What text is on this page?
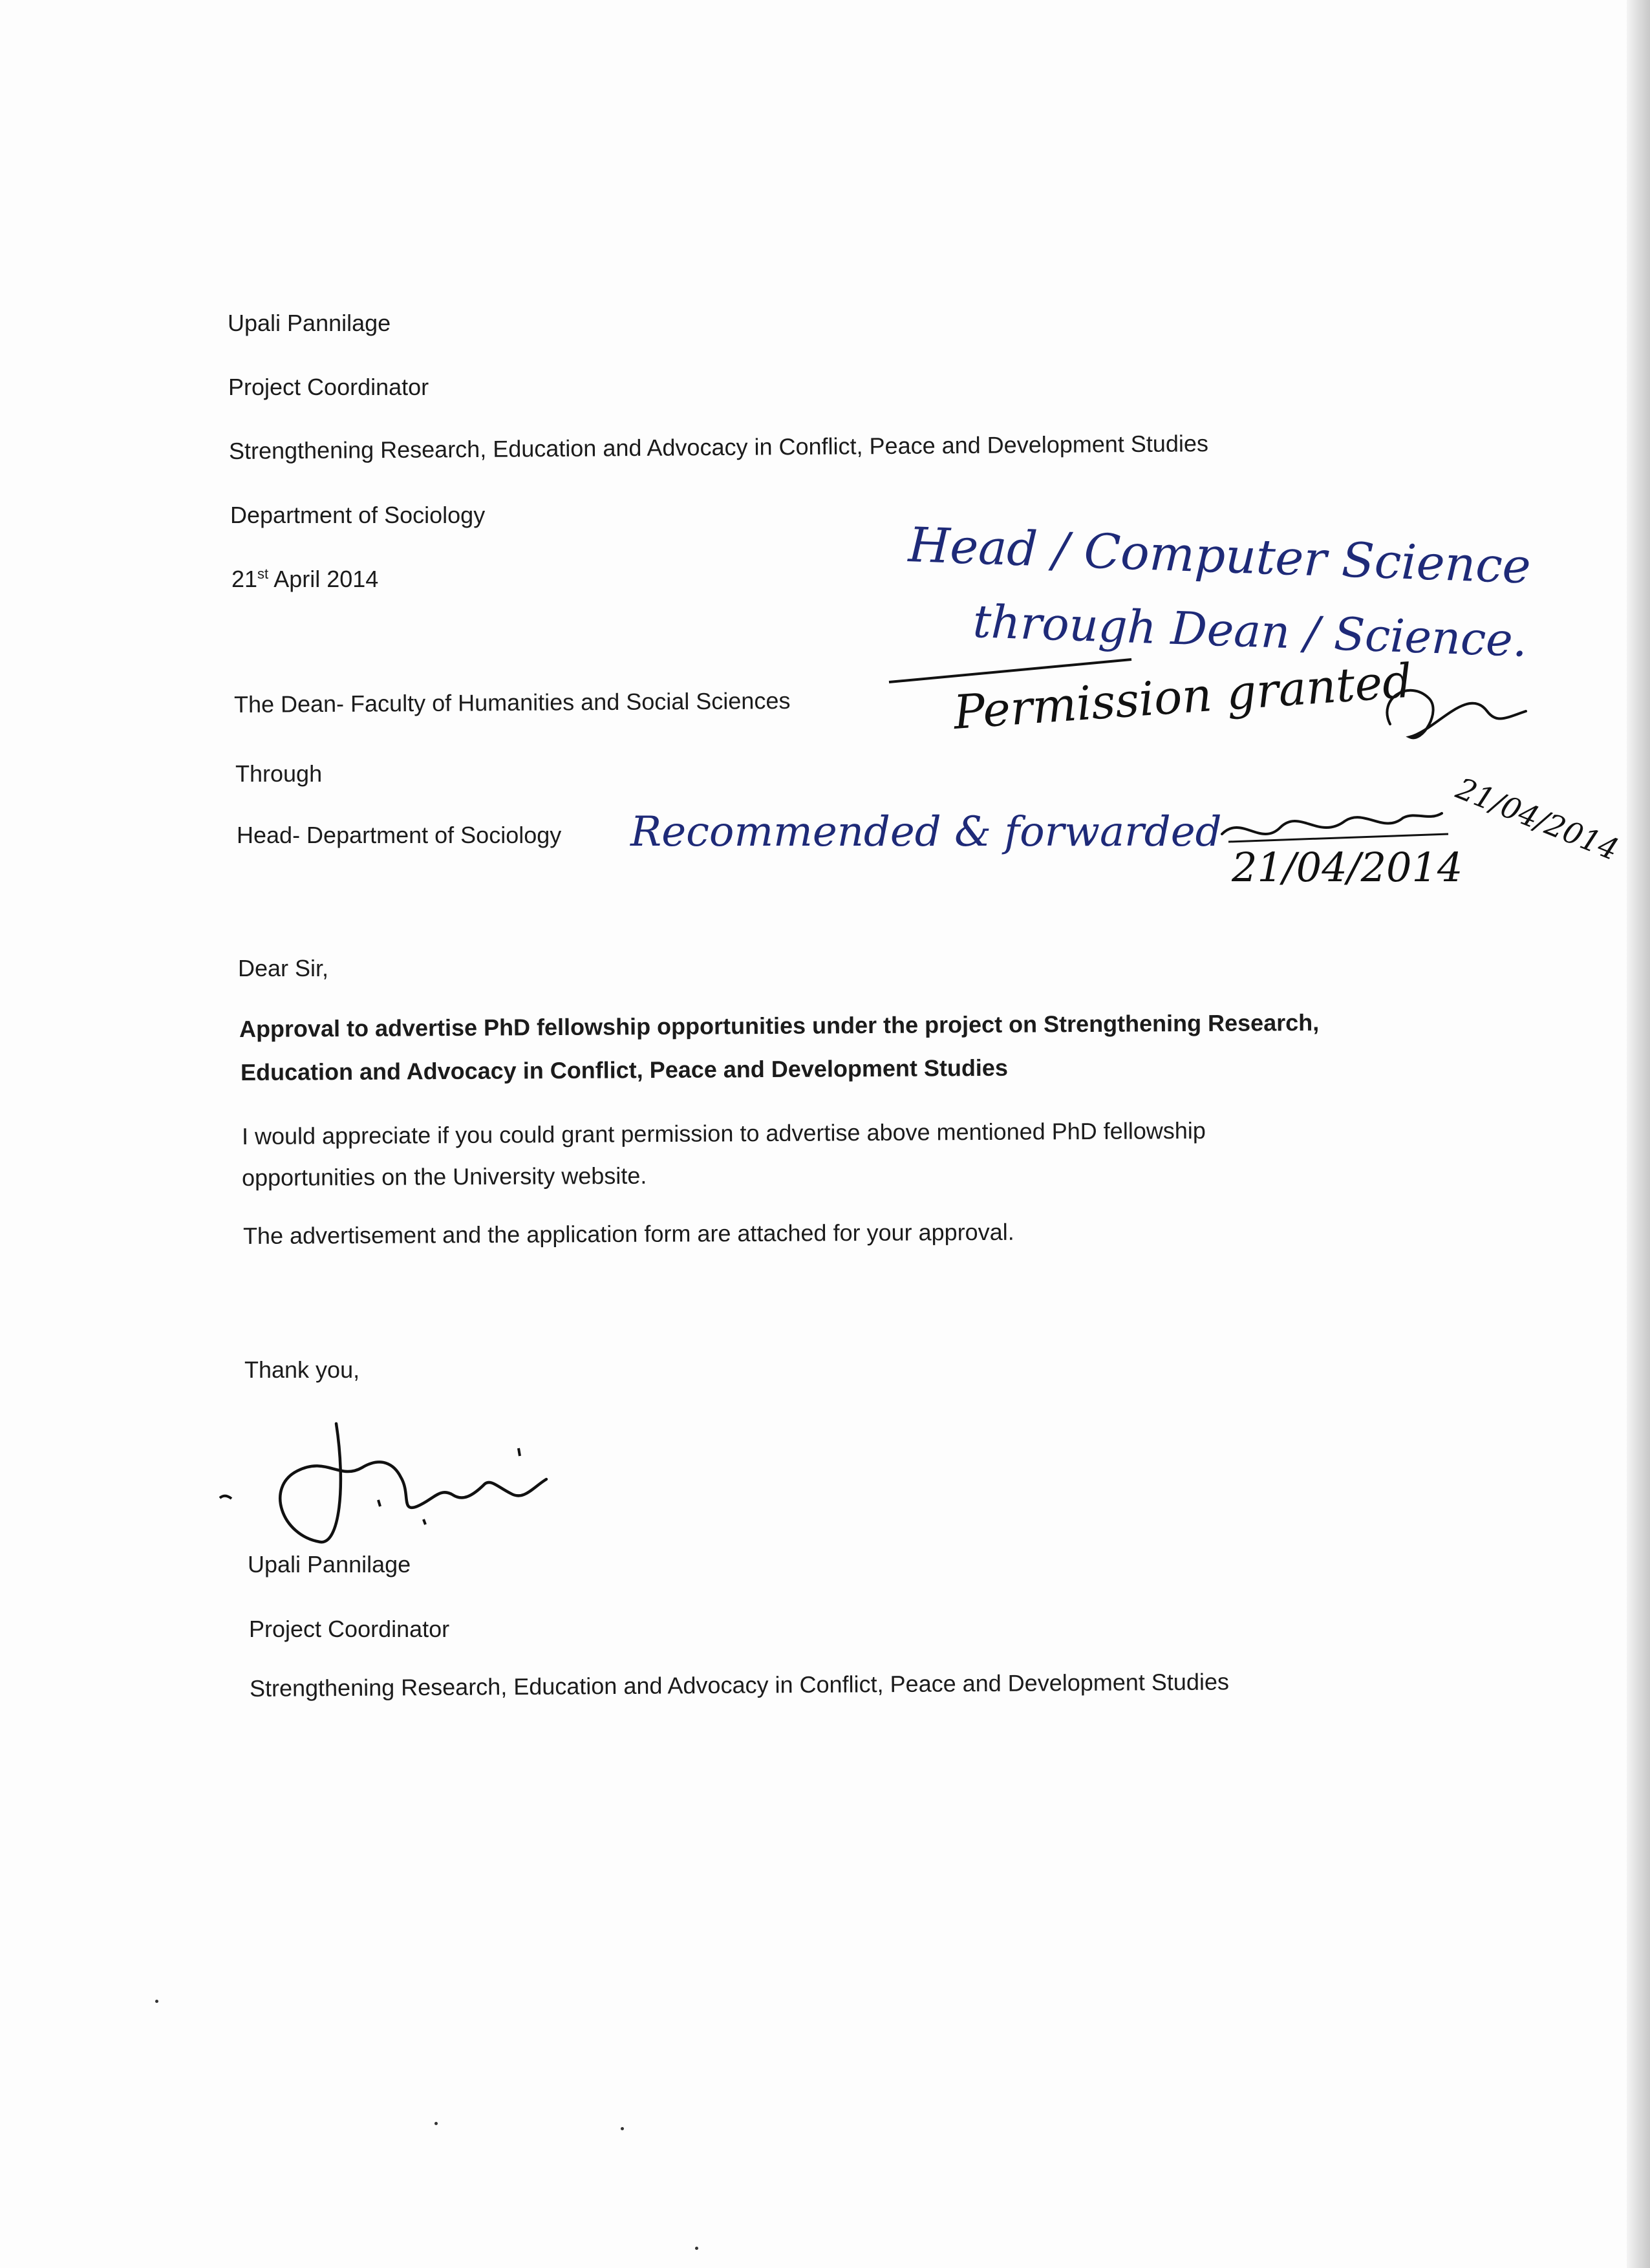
Upali Pannilage
Project Coordinator
Strengthening Research, Education and Advocacy in Conflict, Peace and Development Studies
Department of Sociology
21st April 2014
The Dean- Faculty of Humanities and Social Sciences
Through
Head- Department of Sociology
Dear Sir,
Approval to advertise PhD fellowship opportunities under the project on Strengthening Research,
Education and Advocacy in Conflict, Peace and Development Studies
I would appreciate if you could grant permission to advertise above mentioned PhD fellowship
opportunities on the University website.
The advertisement and the application form are attached for your approval.
Thank you,
Upali Pannilage
Project Coordinator
Strengthening Research, Education and Advocacy in Conflict, Peace and Development Studies
Head / Computer Science
through Dean / Science.
Permission granted
21/04/2014
Recommended & forwarded
21/04/2014
